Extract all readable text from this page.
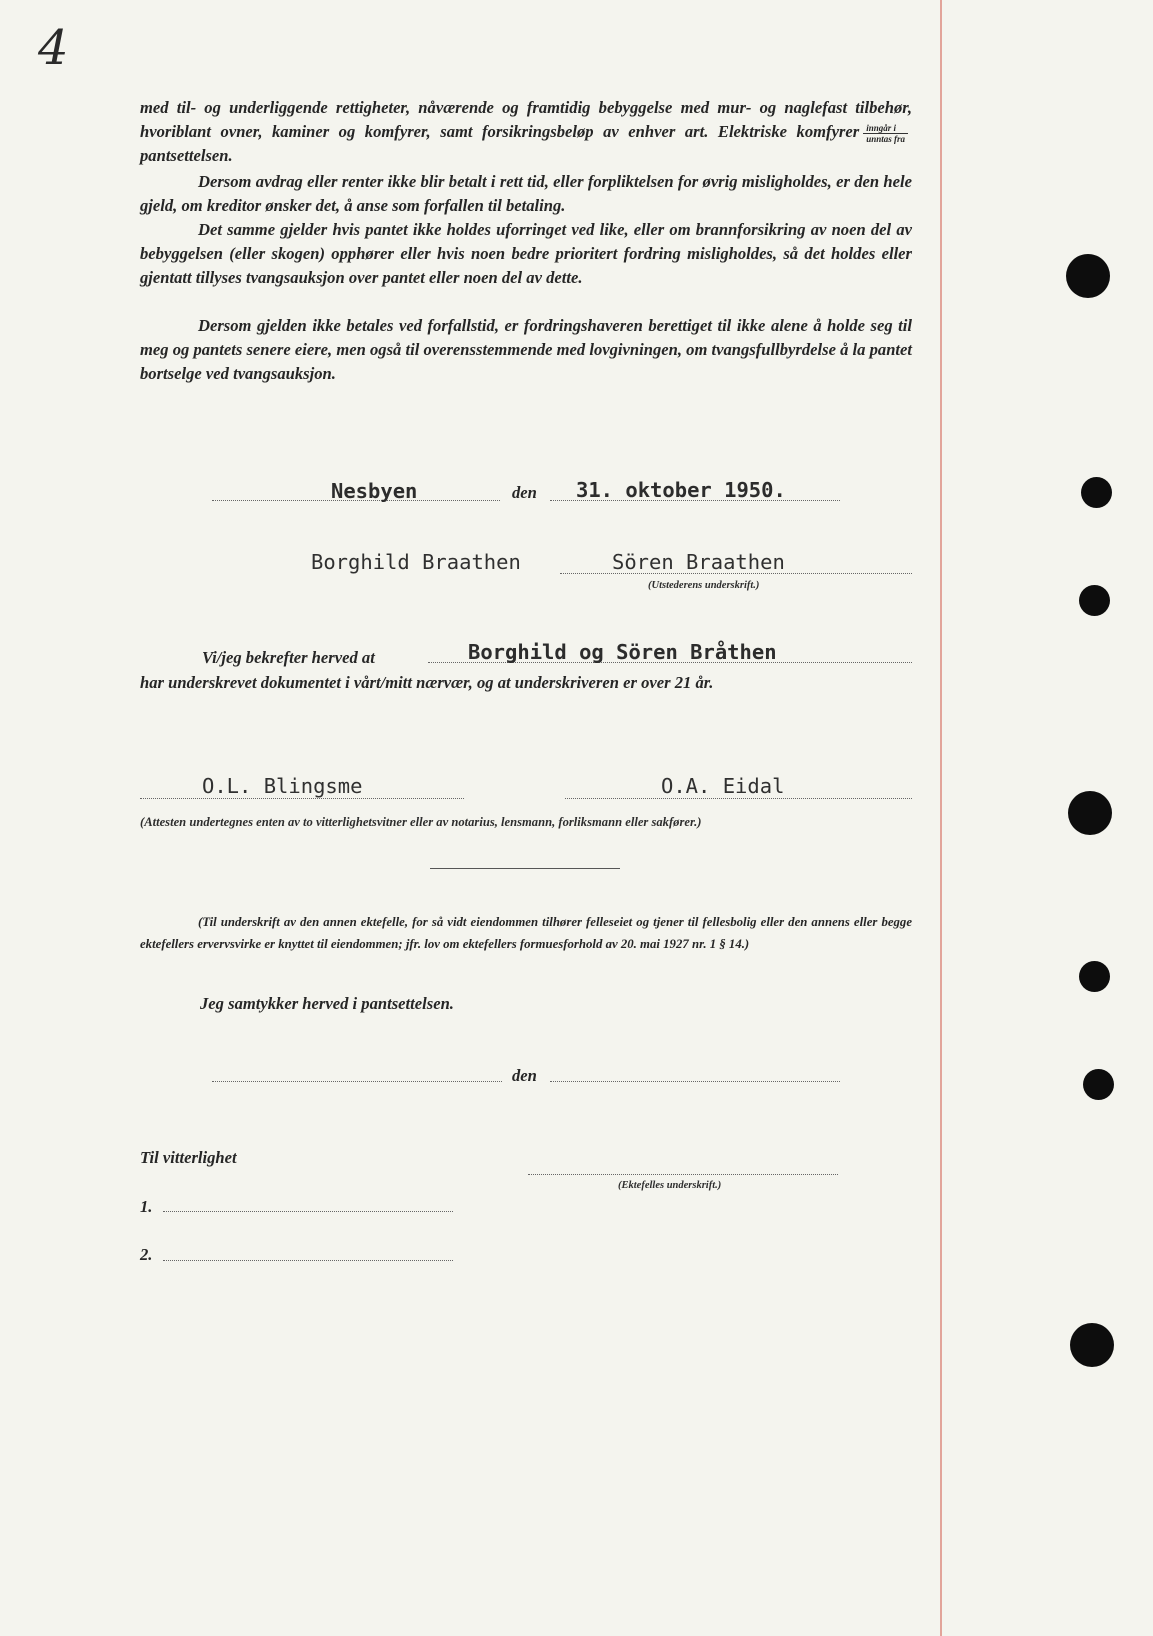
4
med til- og underliggende rettigheter, nåværende og framtidig bebyggelse med mur- og naglefast tilbehør, hvoriblant ovner, kaminer og komfyrer, samt forsikringsbeløp av enhver art. Elektriske komfyrer $\frac{\text{inngår i}}{\text{unntas fra}}$
pantsettelsen.
Dersom avdrag eller renter ikke blir betalt i rett tid, eller forpliktelsen for øvrig misligholdes, er den hele gjeld, om kreditor ønsker det, å anse som forfallen til betaling.
Det samme gjelder hvis pantet ikke holdes uforringet ved like, eller om brannforsikring av noen del av bebyggelsen (eller skogen) opphører eller hvis noen bedre prioritert fordring misligholdes, så det holdes eller gjentatt tillyses tvangsauksjon over pantet eller noen del av dette.
Dersom gjelden ikke betales ved forfallstid, er fordringshaveren berettiget til ikke alene å holde seg til meg og pantets senere eiere, men også til overensstemmende med lovgivningen, om tvangsfullbyrdelse å la pantet bortselge ved tvangsauksjon.
Nesbyen	den 31. oktober 1950.
Borghild Braathen	Sören Braathen
(Utstederens underskrift.)
Vi/jeg bekrefter herved at	Borghild og Sören Bråthen
har underskrevet dokumentet i vårt/mitt nærvær, og at underskriveren er over 21 år.
O.L. Blingsme	O.A. Eidal
(Attesten undertegnes enten av to vitterlighetsvitner eller av notarius, lensmann, forliksmann eller sakfører.)
(Til underskrift av den annen ektefelle, for så vidt eiendommen tilhører felleseiet og tjener til fellesbolig eller den annens eller begge ektefellers ervervsvirke er knyttet til eiendommen; jfr. lov om ektefellers formuesforhold av 20. mai 1927 nr. 1 § 14.)
Jeg samtykker herved i pantsettelsen.
den
Til vitterlighet
(Ektefelles underskrift.)
1.
2.
